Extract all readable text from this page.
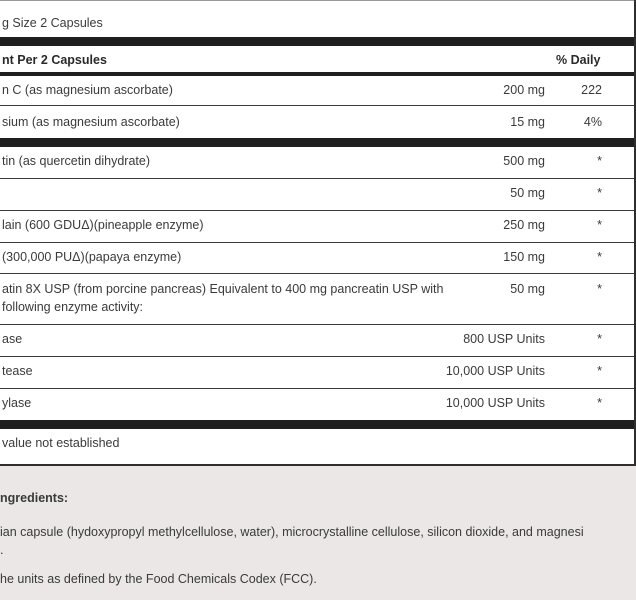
g Size 2 Capsules
nt Per 2 Capsules	% Daily
n C (as magnesium ascorbate)	200 mg	222
sium (as magnesium ascorbate)	15 mg	4%
tin (as quercetin dihydrate)	500 mg	*
50 mg	*
lain (600 GDUΔ)(pineapple enzyme)	250 mg	*
(300,000 PUΔ)(papaya enzyme)	150 mg	*
atin 8X USP (from porcine pancreas) Equivalent to 400 mg pancreatin USP with
following enzyme activity:
50 mg	*
ase	800 USP Units	*
tease	10,000 USP Units	*
ylase	10,000 USP Units	*
value not established
ngredients:
ian capsule (hydoxypropyl methylcellulose, water), microcrystalline cellulose, silicon dioxide, and magnesi
.
he units as defined by the Food Chemicals Codex (FCC).
